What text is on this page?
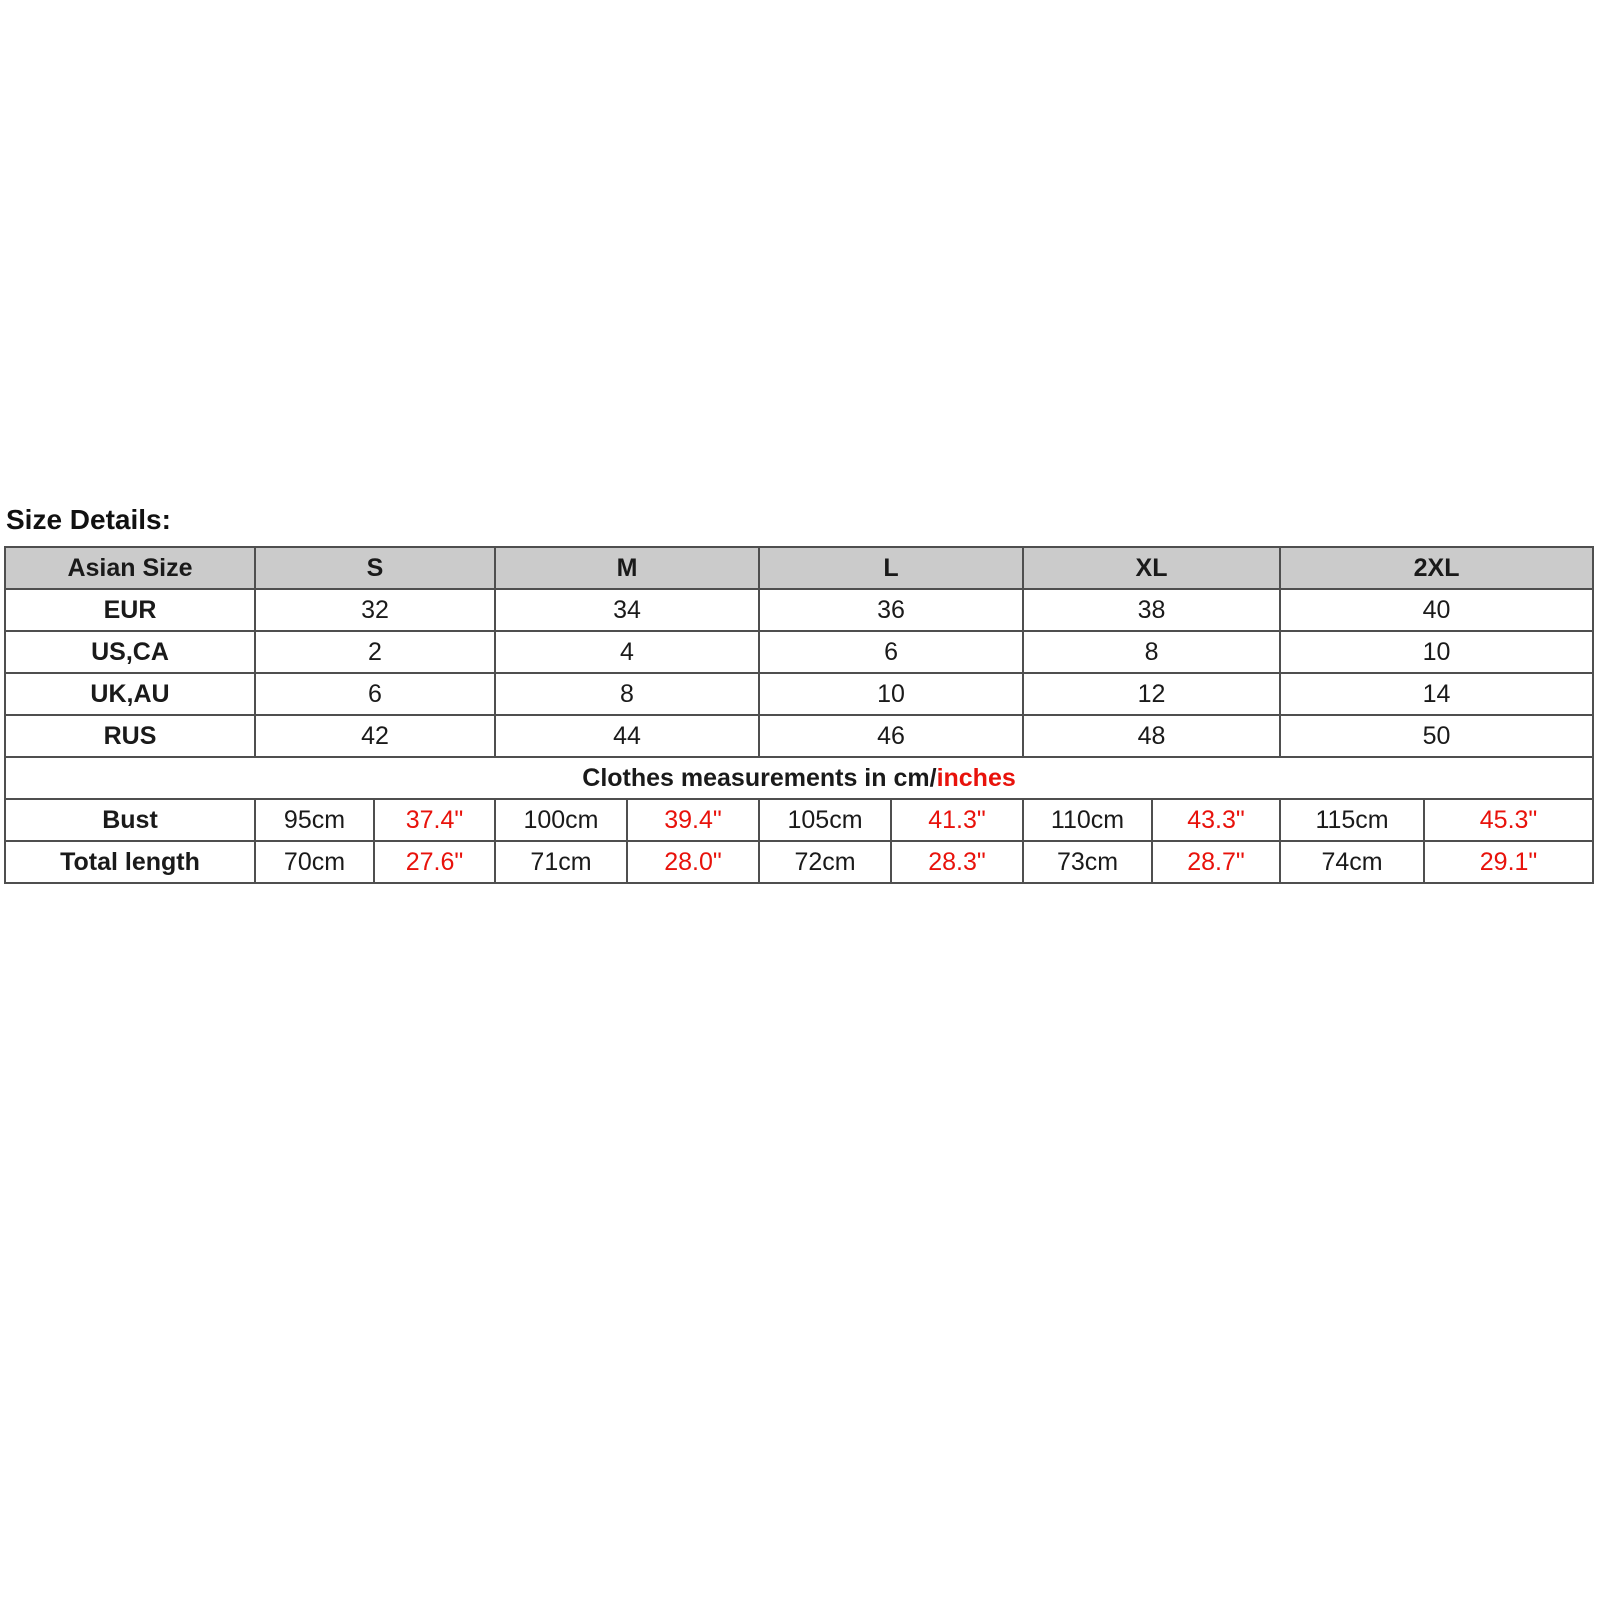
Size Details:
Asian Size	S		M		L		XL		2XL	
EUR	32		34		36		38		40	
US,CA	2		4		6		8		10	
UK,AU	6		8		10		12		14	
RUS	42		44		46		48		50	
Clothes measurements in cm/inches										
Bust	95cm	37.4"	100cm	39.4"	105cm	41.3"	110cm	43.3"	115cm	45.3"
Total length	70cm	27.6"	71cm	28.0"	72cm	28.3"	73cm	28.7"	74cm	29.1"
